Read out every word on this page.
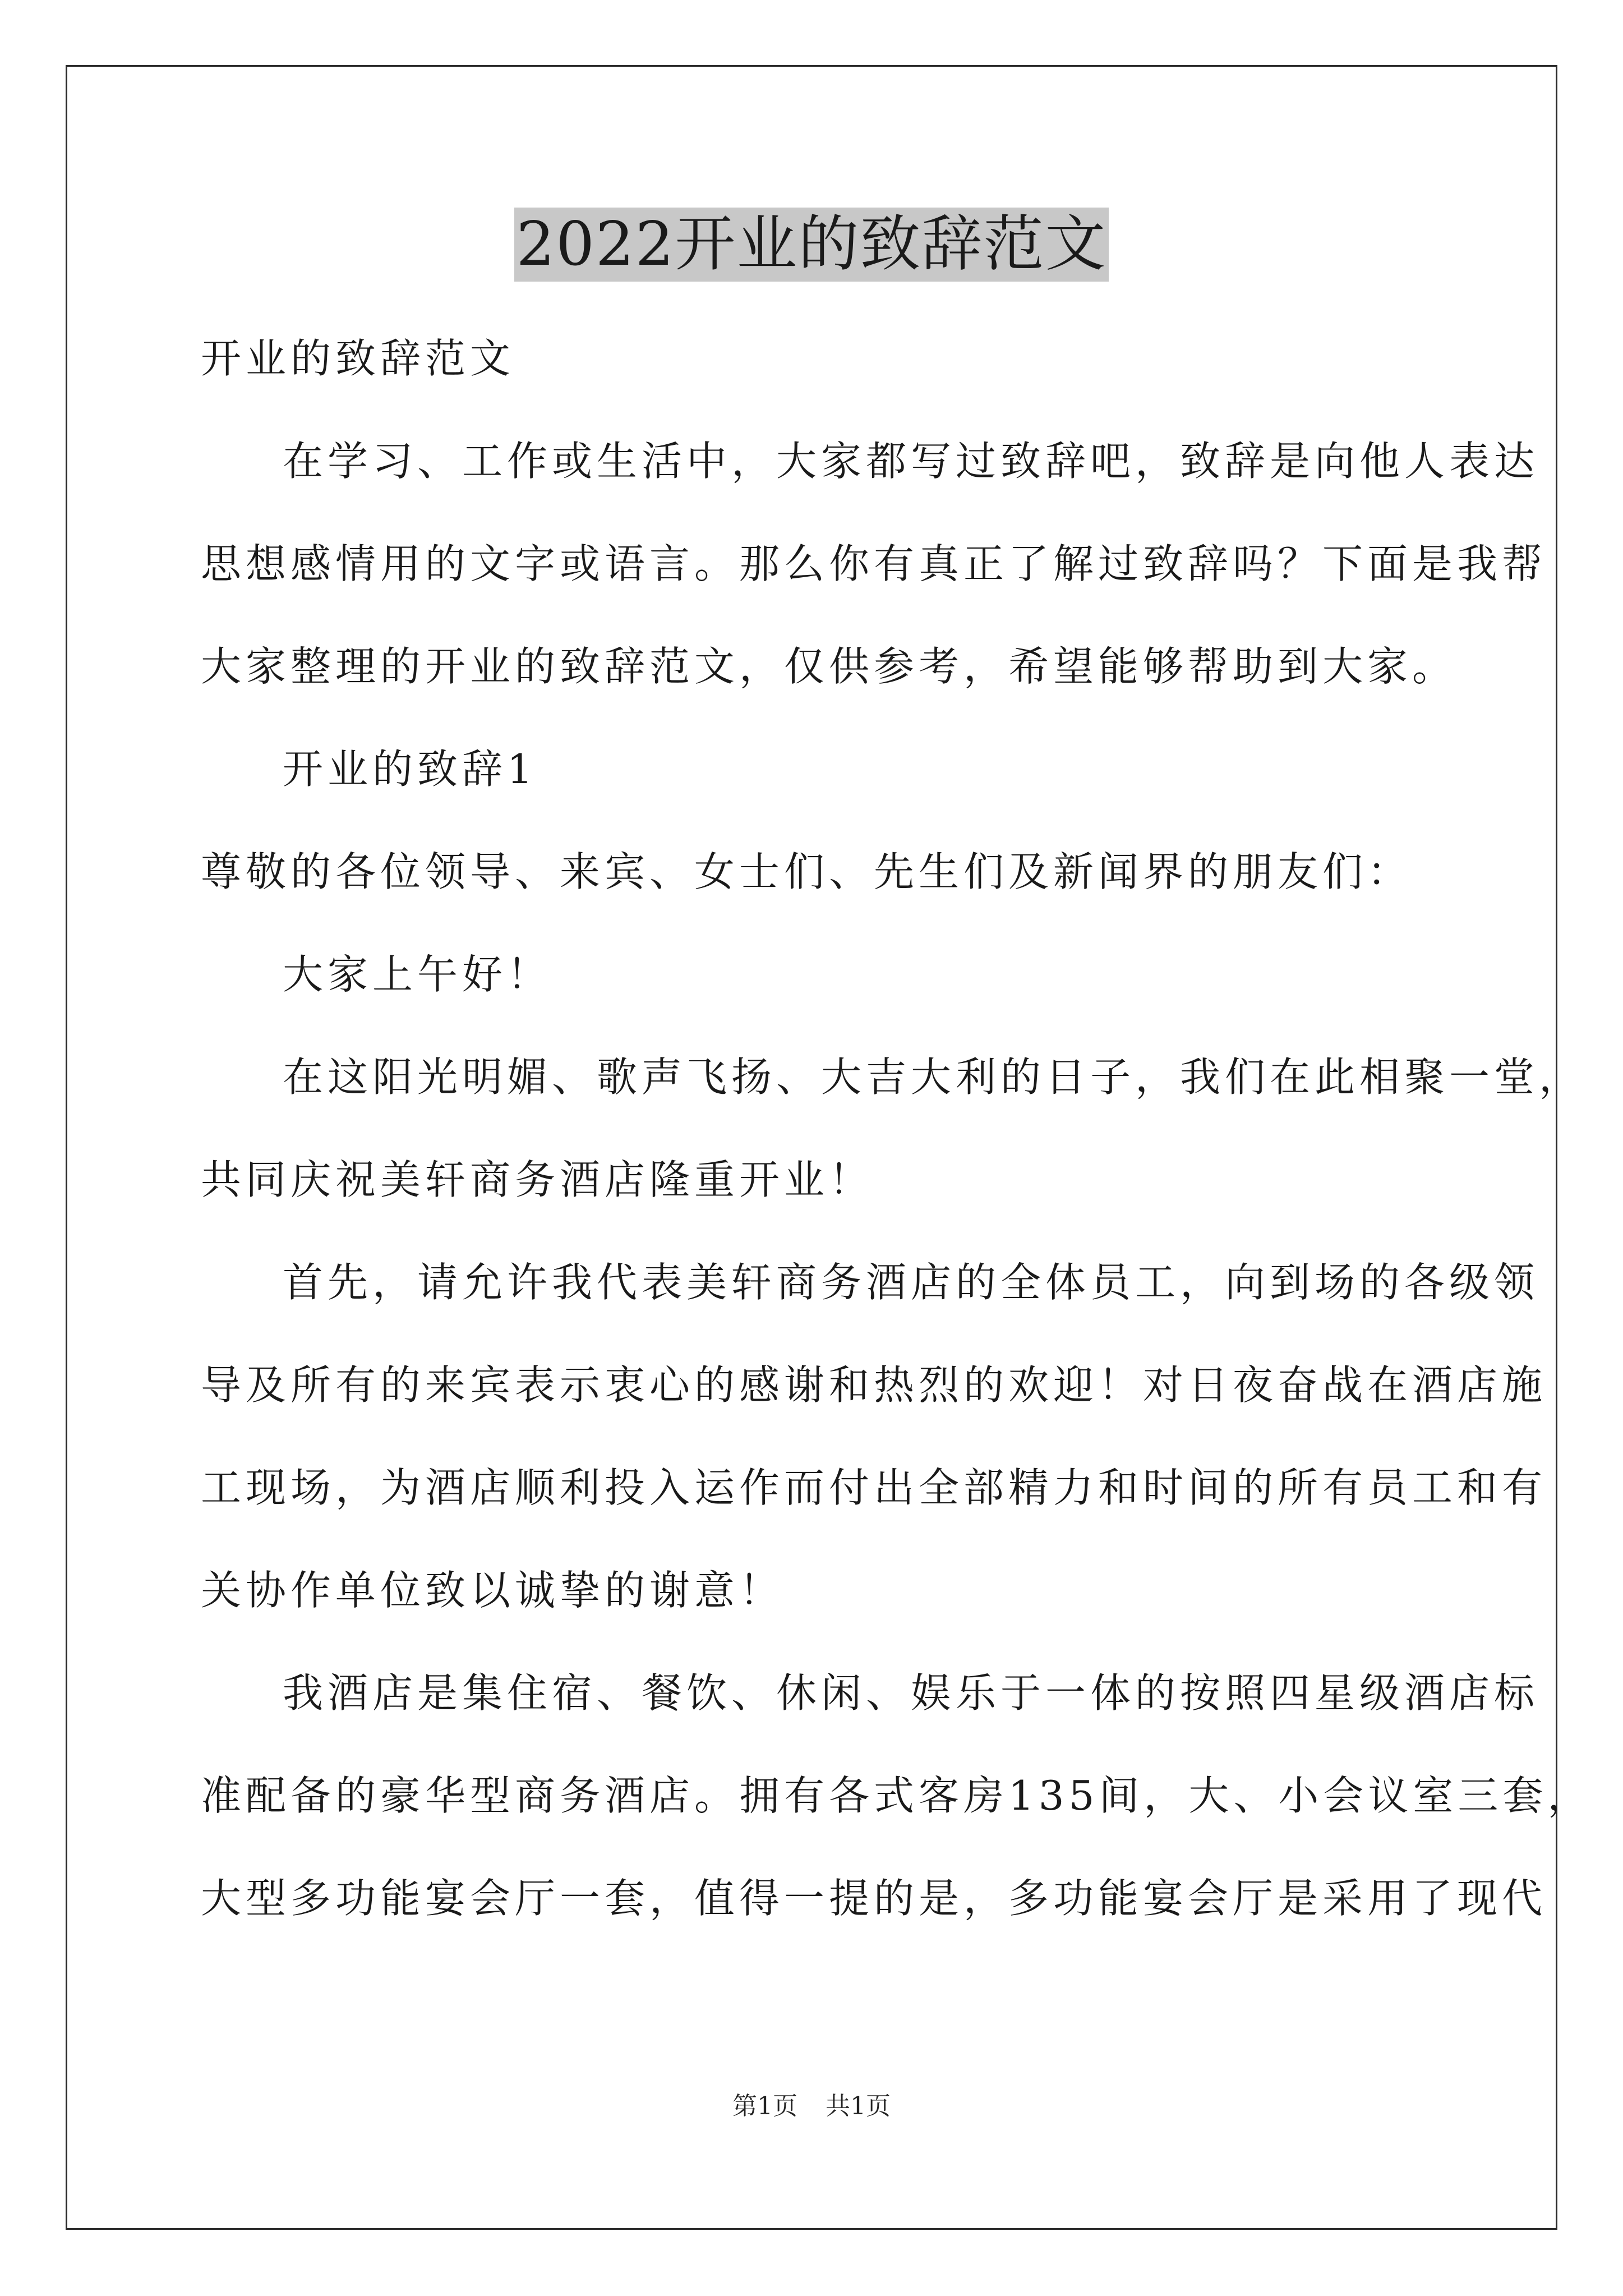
2022开业的致辞范文
开业的致辞范文
在学习、工作或生活中，大家都写过致辞吧，致辞是向他人表达
思想感情用的文字或语言。那么你有真正了解过致辞吗？下面是我帮
大家整理的开业的致辞范文，仅供参考，希望能够帮助到大家。
开业的致辞1
尊敬的各位领导、来宾、女士们、先生们及新闻界的朋友们：
大家上午好！
在这阳光明媚、歌声飞扬、大吉大利的日子，我们在此相聚一堂，
共同庆祝美轩商务酒店隆重开业！
首先，请允许我代表美轩商务酒店的全体员工，向到场的各级领
导及所有的来宾表示衷心的感谢和热烈的欢迎！对日夜奋战在酒店施
工现场，为酒店顺利投入运作而付出全部精力和时间的所有员工和有
关协作单位致以诚挚的谢意！
我酒店是集住宿、餐饮、休闲、娱乐于一体的按照四星级酒店标
准配备的豪华型商务酒店。拥有各式客房135间，大、小会议室三套，
大型多功能宴会厅一套，值得一提的是，多功能宴会厅是采用了现代
第1页 共1页
